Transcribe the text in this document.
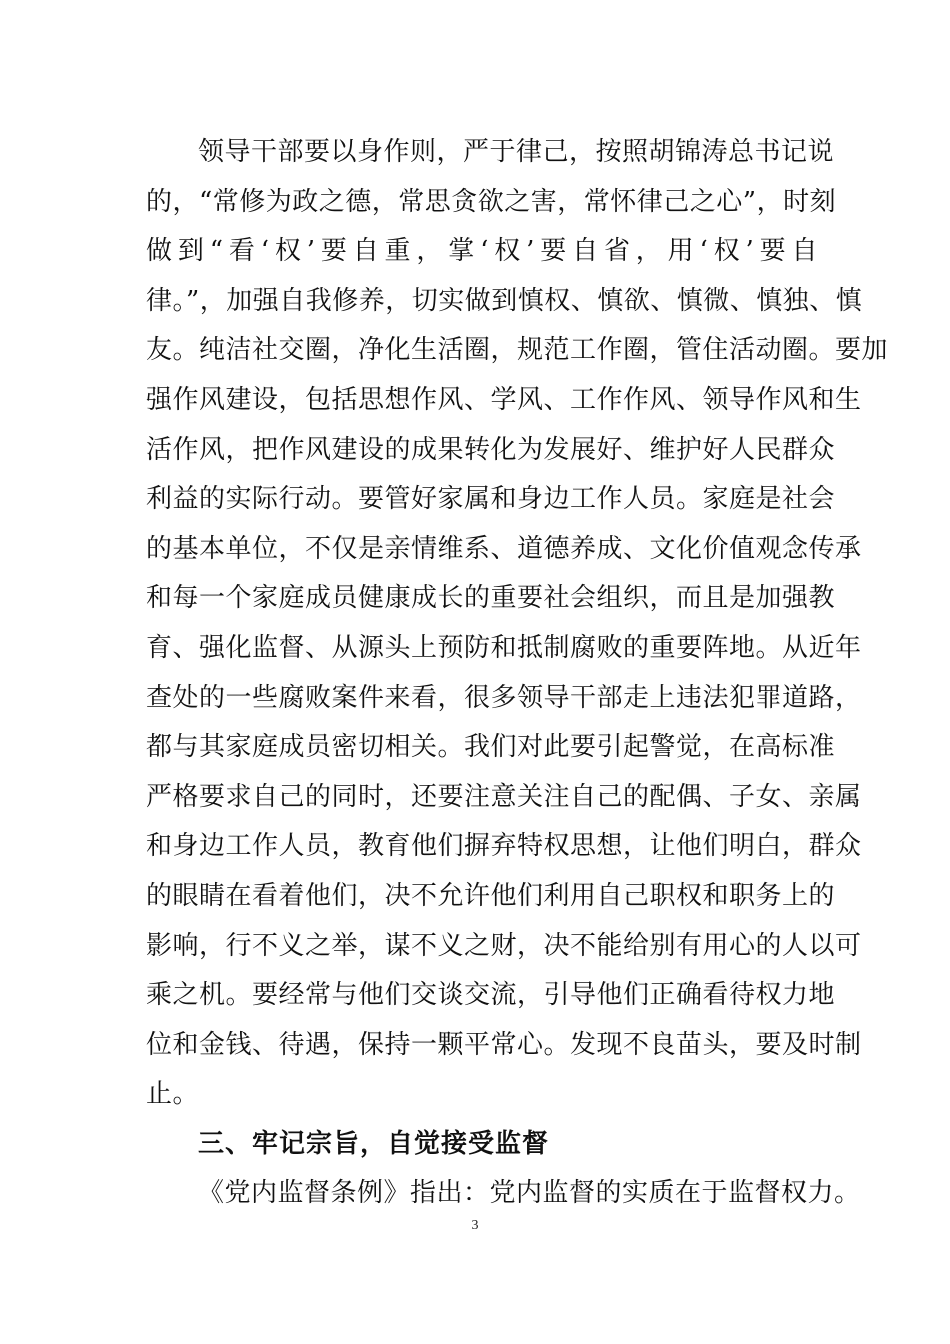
领导干部要以身作则，严于律己，按照胡锦涛总书记说
的，“常修为政之德，常思贪欲之害，常怀律己之心”，时刻
做到“看‘权’要自重，掌‘权’要自省，用‘权’要自
律。”，加强自我修养，切实做到慎权、慎欲、慎微、慎独、慎
友。纯洁社交圈，净化生活圈，规范工作圈，管住活动圈。要加
强作风建设，包括思想作风、学风、工作作风、领导作风和生
活作风，把作风建设的成果转化为发展好、维护好人民群众
利益的实际行动。要管好家属和身边工作人员。家庭是社会
的基本单位，不仅是亲情维系、道德养成、文化价值观念传承
和每一个家庭成员健康成长的重要社会组织，而且是加强教
育、强化监督、从源头上预防和抵制腐败的重要阵地。从近年
查处的一些腐败案件来看，很多领导干部走上违法犯罪道路，
都与其家庭成员密切相关。我们对此要引起警觉，在高标准
严格要求自己的同时，还要注意关注自己的配偶、子女、亲属
和身边工作人员，教育他们摒弃特权思想，让他们明白，群众
的眼睛在看着他们，决不允许他们利用自己职权和职务上的
影响，行不义之举，谋不义之财，决不能给别有用心的人以可
乘之机。要经常与他们交谈交流，引导他们正确看待权力地
位和金钱、待遇，保持一颗平常心。发现不良苗头，要及时制
止。
三、牢记宗旨，自觉接受监督
《党内监督条例》指出：党内监督的实质在于监督权力。
3
